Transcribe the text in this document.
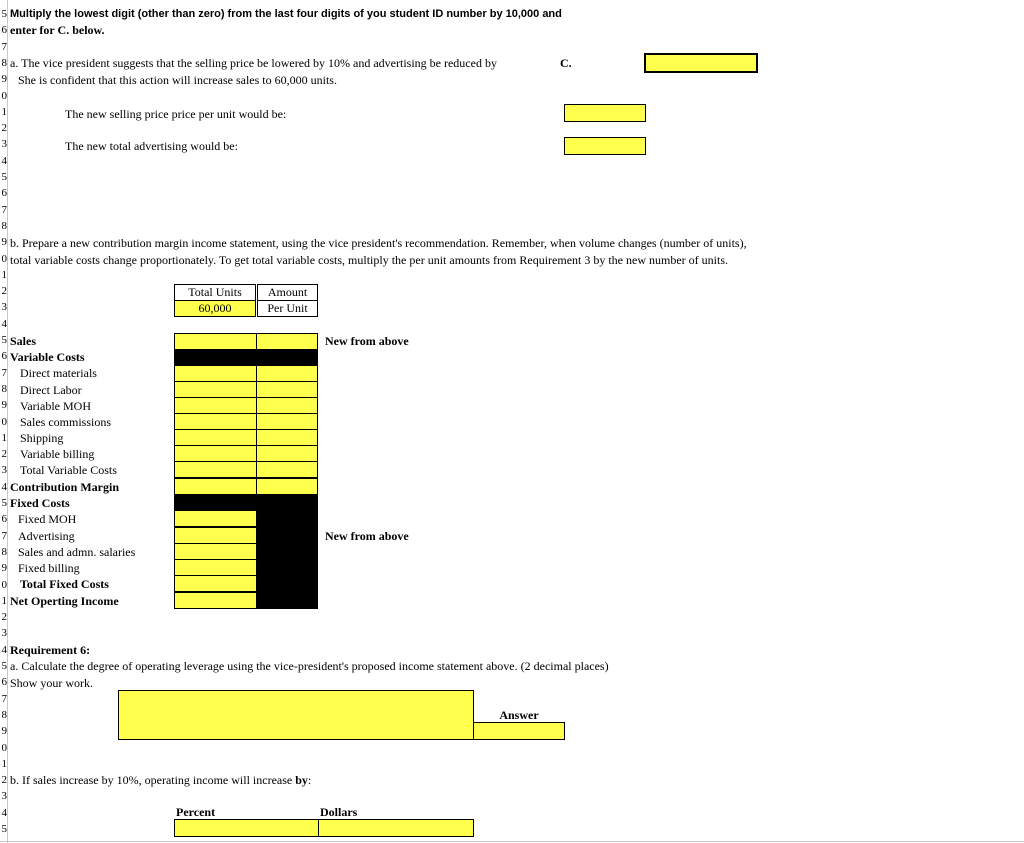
5
6
7
8
9
0
1
2
3
4
5
6
7
8
9
0
1
2
3
4
5
6
7
8
9
0
1
2
3
4
5
6
7
8
9
0
1
2
3
4
5
6
7
8
9
0
1
2
3
4
5
Multiply the lowest digit (other than zero) from the last four digits of you student ID number by 10,000 and
enter for C. below.
a. The vice president suggests that the selling price be lowered by 10% and advertising be reduced by
She is confident that this action will increase sales to 60,000 units.
C.
The new selling price price per unit would be:
The new total advertising would be:
b. Prepare a new contribution margin income statement, using the vice president's recommendation. Remember, when volume changes (number of units),
total variable costs change proportionately. To get total variable costs, multiply the per unit amounts from Requirement 3 by the new number of units.
Total Units
60,000
Amount
Per Unit
Sales
Variable Costs
Direct materials
Direct Labor
Variable MOH
Sales commissions
Shipping
Variable billing
Total Variable Costs
Contribution Margin
Fixed Costs
Fixed MOH
Advertising
Sales and admn. salaries
Fixed billing
Total Fixed Costs
Net Operting Income
New from above
New from above
Requirement 6:
a. Calculate the degree of operating leverage using the vice-president's proposed income statement above. (2 decimal places)
Show your work.
Answer
b. If sales increase by 10%, operating income will increase by:
Percent	Dollars
